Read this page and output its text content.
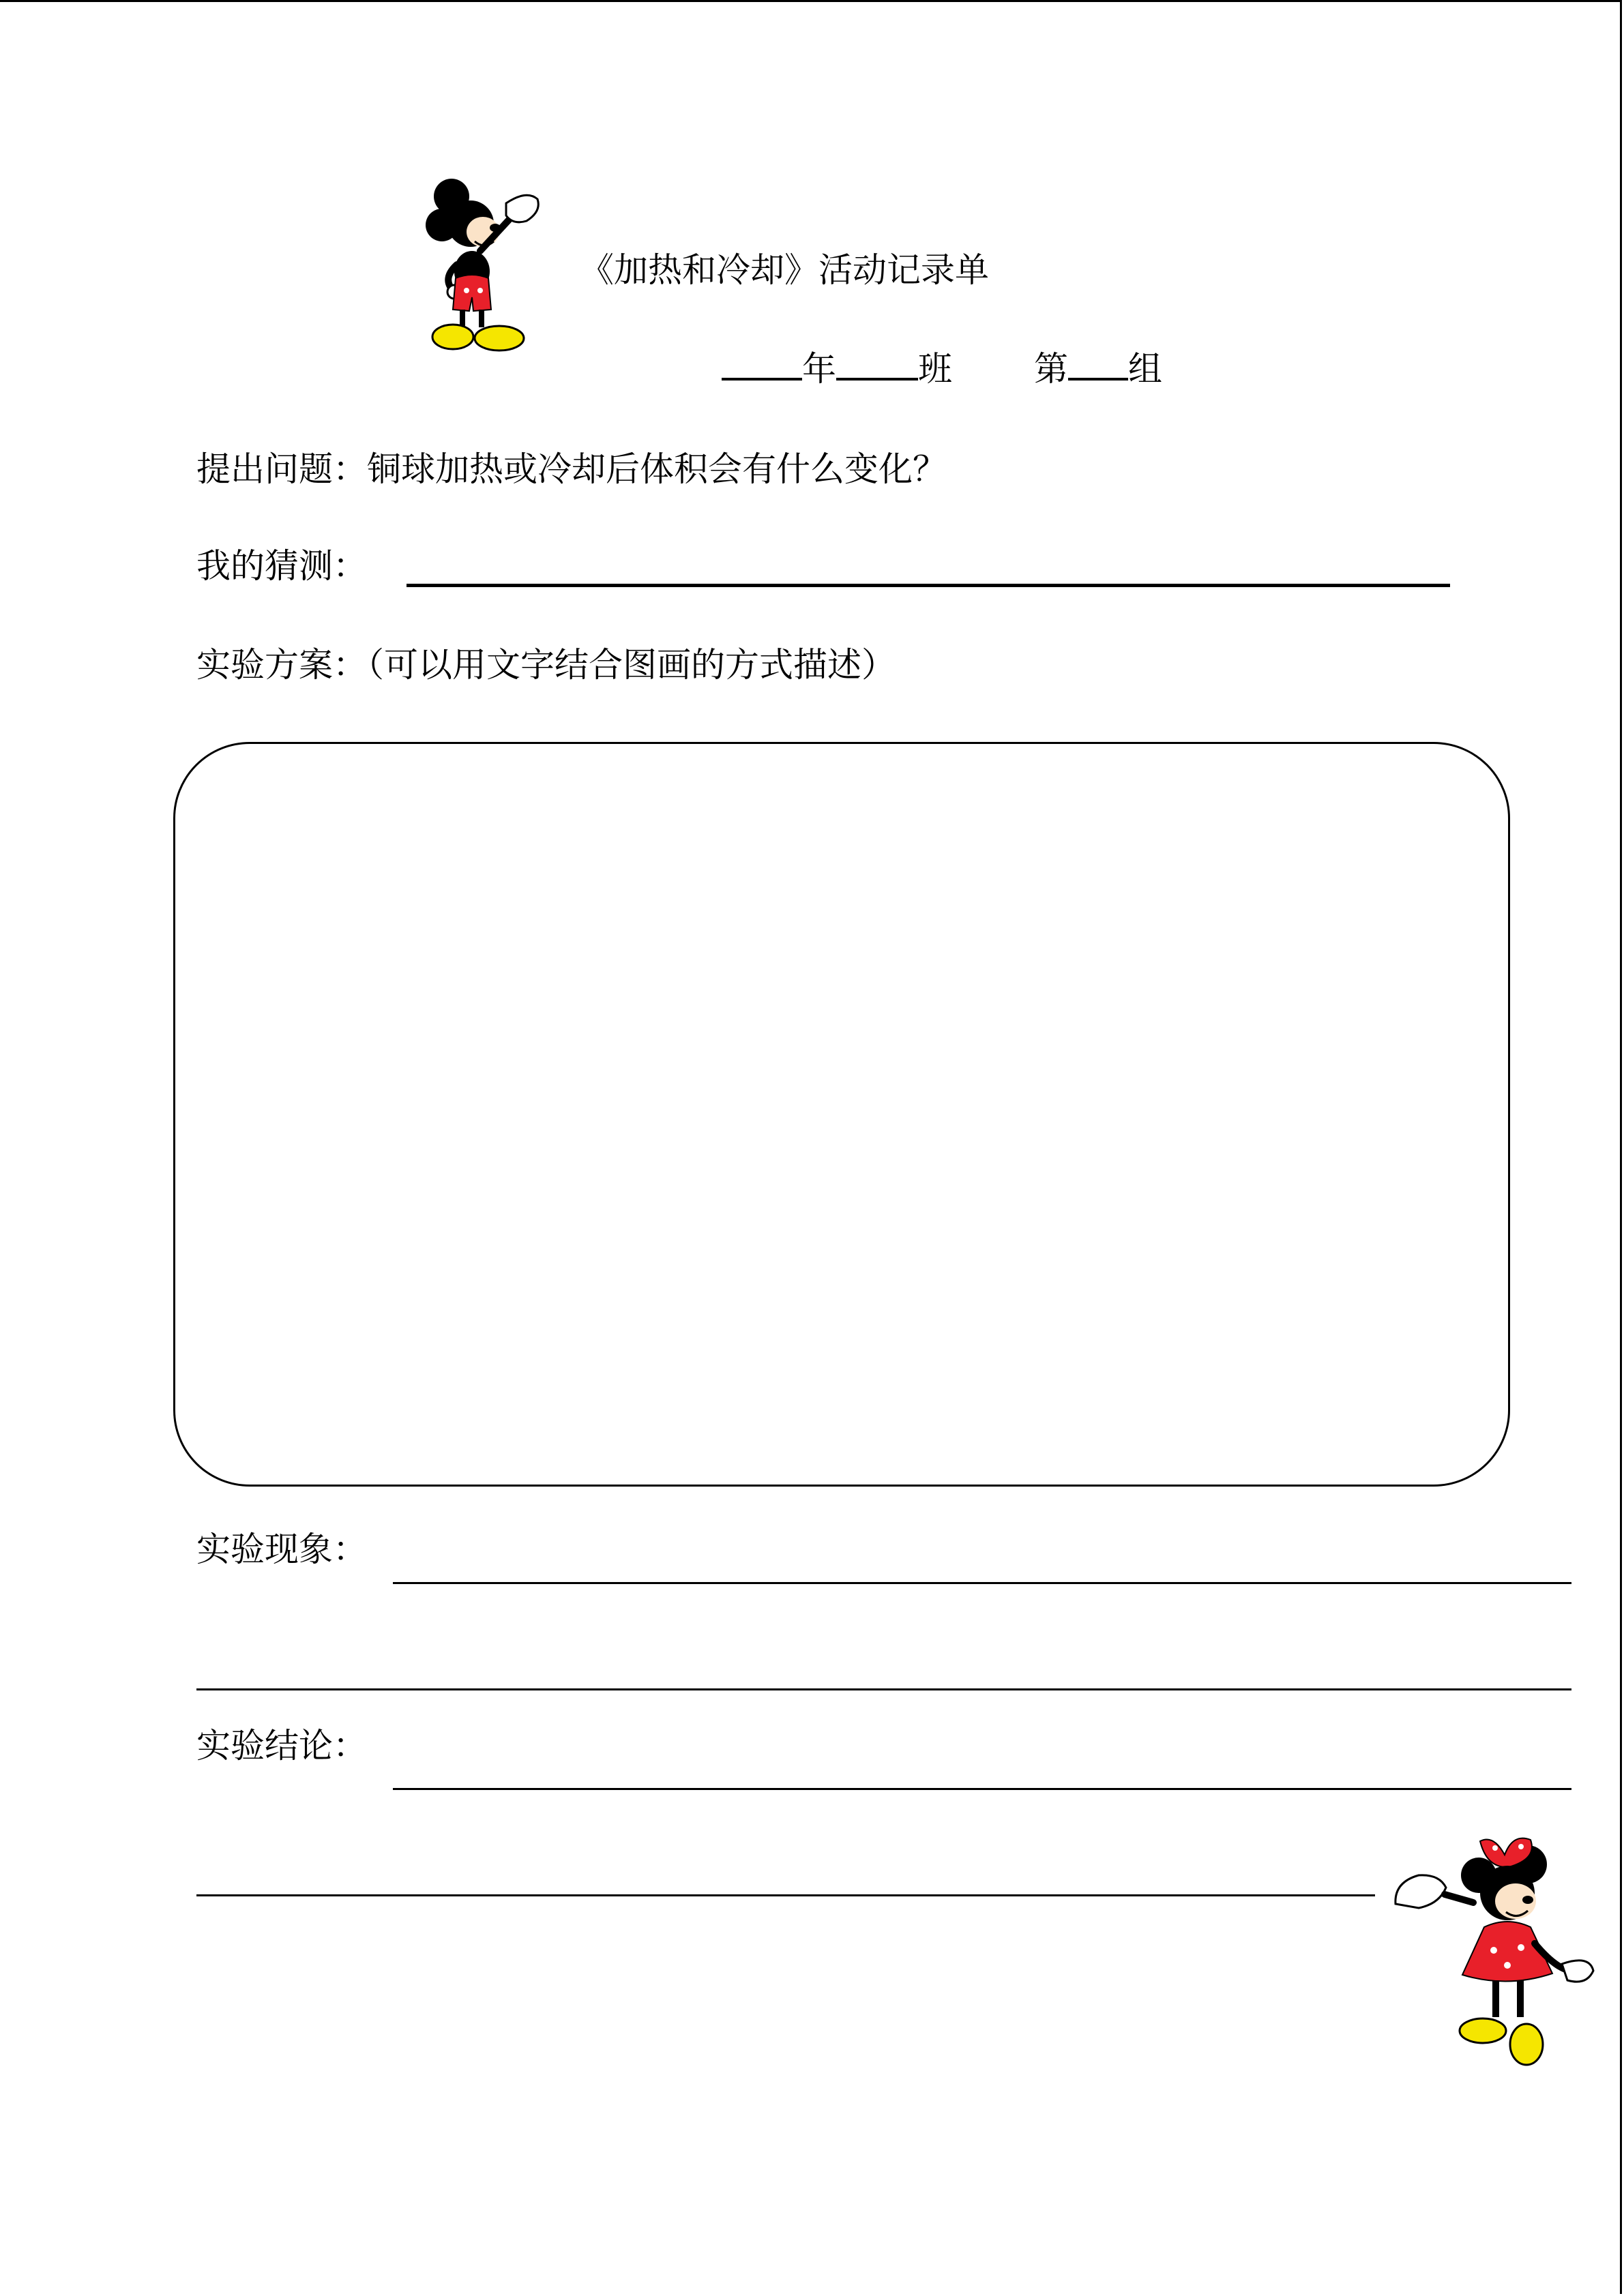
《加热和冷却》活动记录单
年 班 第 组
提出问题：铜球加热或冷却后体积会有什么变化？
我的猜测：
实验方案：（可以用文字结合图画的方式描述）
实验现象：
实验结论：
